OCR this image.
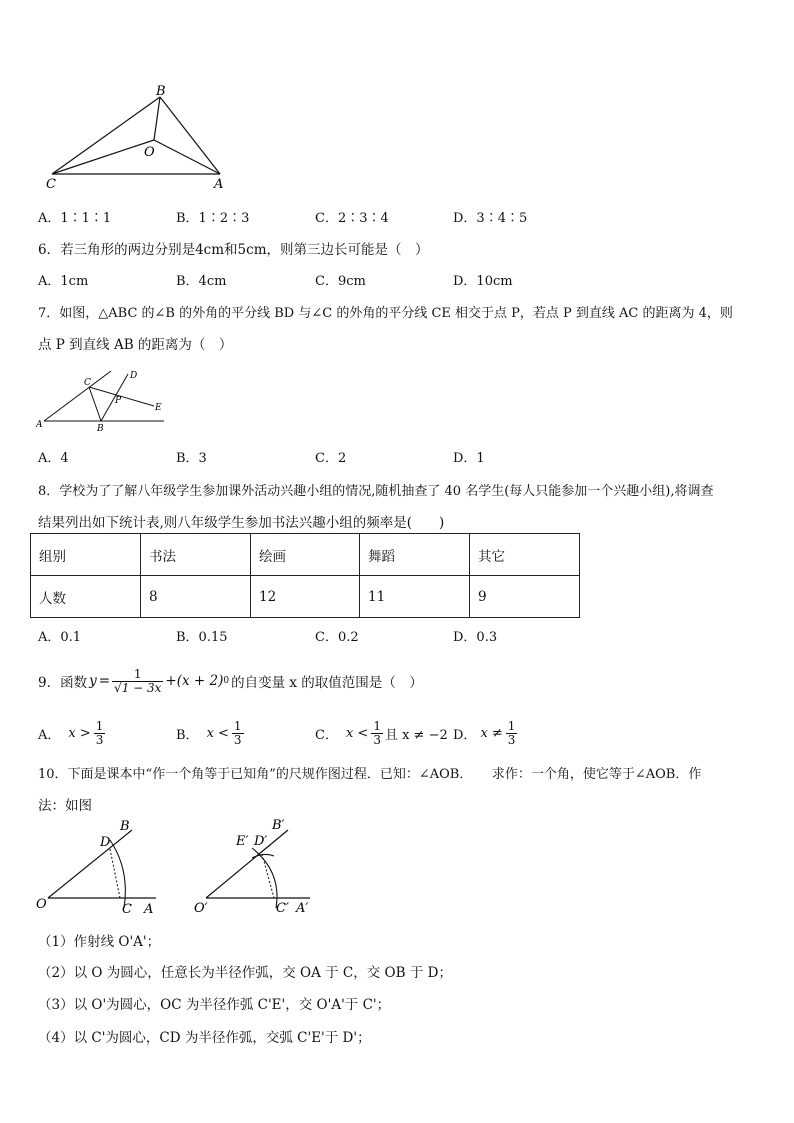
B
O
C	A
A．1∶1∶1	B．1∶2∶3	C．2∶3∶4	D．3∶4∶5
6．若三角形的两边分别是4cm和5cm，则第三边长可能是（　）
A．1cm	B．4cm	C．9cm	D．10cm
7．如图，△ABC 的∠B 的外角的平分线 BD 与∠C 的外角的平分线 CE 相交于点 P，若点 P 到直线 AC 的距离为 4，则
点 P 到直线 AB 的距离为（　）
A	B
C
D
E
P
A．4	B．3	C．2	D．1
8．学校为了了解八年级学生参加课外活动兴趣小组的情况,随机抽查了 40 名学生(每人只能参加一个兴趣小组),将调查
结果列出如下统计表,则八年级学生参加书法兴趣小组的频率是(　　)
组别	书法	绘画	舞蹈	其它
人数	8	12	11	9
A．0.1	B．0.15	C．0.2	D．0.3
9．函数 $y = \frac{1}{√1 - 3x} +(x + 2)$ 0 的自变量 x 的取值范围是（　）
A． $x > \frac{1}{3}$	B． $x < \frac{1}{3}$	C． $x < \frac{1}{3}$ 且 x ≠ −2 D． $x \ne \frac{1}{3}$
10．下面是课本中“作一个角等于已知角”的尺规作图过程．已知：∠AOB．　　求作：一个角，使它等于∠AOB．作
法：如图
B
D
O	C A
B′
E′ D′
O′	C′ A′
（1）作射线 O'A'；
（2）以 O 为圆心，任意长为半径作弧，交 OA 于 C，交 OB 于 D；
（3）以 O'为圆心，OC 为半径作弧 C'E'，交 O'A'于 C'；
（4）以 C'为圆心，CD 为半径作弧，交弧 C'E'于 D'；
